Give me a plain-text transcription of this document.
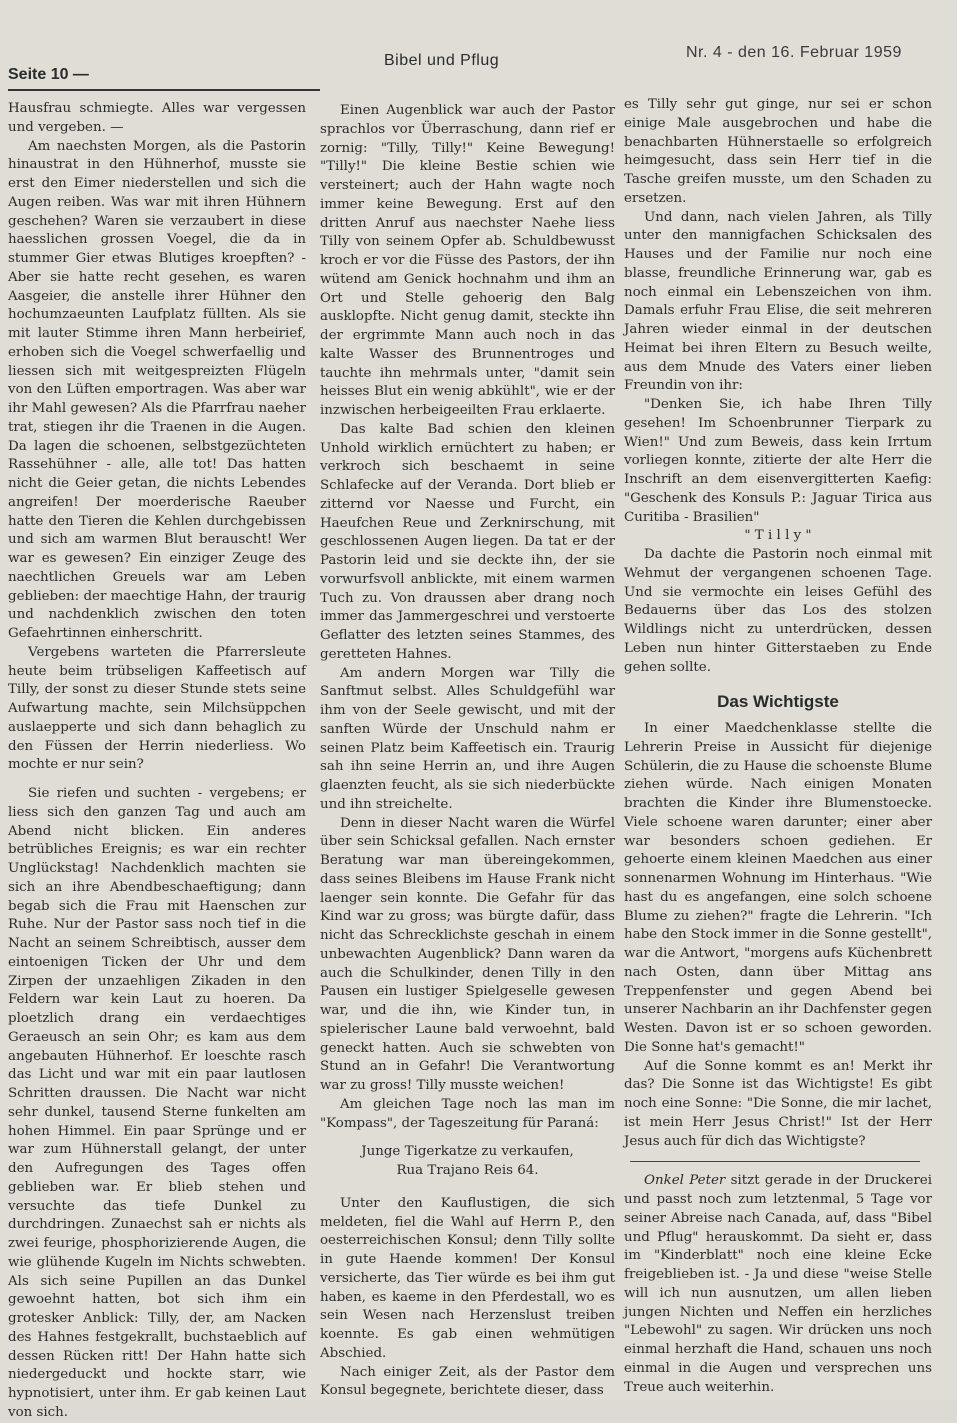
Seite 10 —
Bibel und Pflug	Nr. 4 - den 16. Februar 1959

Hausfrau schmiegte. Alles war vergessen und vergeben. —

Am naechsten Morgen, als die Pastorin hinaustrat in den Hühnerhof, musste sie erst den Eimer niederstellen und sich die Augen reiben. Was war mit ihren Hühnern geschehen? Waren sie verzaubert in diese haesslichen grossen Voegel, die da in stummer Gier etwas Blutiges kroepften? - Aber sie hatte recht gesehen, es waren Aasgeier, die anstelle ihrer Hühner den hochumzaeunten Laufplatz füllten. Als sie mit lauter Stimme ihren Mann herbeirief, erhoben sich die Voegel schwerfaellig und liessen sich mit weitgespreizten Flügeln von den Lüften emportragen. Was aber war ihr Mahl gewesen? Als die Pfarrfrau naeher trat, stiegen ihr die Traenen in die Augen. Da lagen die schoenen, selbstgezüchteten Rassehühner - alle, alle tot! Das hatten nicht die Geier getan, die nichts Lebendes angreifen! Der moerderische Raeuber hatte den Tieren die Kehlen durchgebissen und sich am warmen Blut berauscht! Wer war es gewesen? Ein einziger Zeuge des naechtlichen Greuels war am Leben geblieben: der maechtige Hahn, der traurig und nachdenklich zwischen den toten Gefaehrtinnen einherschritt.

Vergebens warteten die Pfarrersleute heute beim trübseligen Kaffeetisch auf Tilly, der sonst zu dieser Stunde stets seine Aufwartung machte, sein Milchsüppchen auslaepperte und sich dann behaglich zu den Füssen der Herrin niederliess. Wo mochte er nur sein?

Sie riefen und suchten - vergebens; er liess sich den ganzen Tag und auch am Abend nicht blicken. Ein anderes betrübliches Ereignis; es war ein rechter Unglückstag! Nachdenklich machten sie sich an ihre Abendbeschaeftigung; dann begab sich die Frau mit Haenschen zur Ruhe. Nur der Pastor sass noch tief in die Nacht an seinem Schreibtisch, ausser dem eintoenigen Ticken der Uhr und dem Zirpen der unzaehligen Zikaden in den Feldern war kein Laut zu hoeren. Da ploetzlich drang ein verdaechtiges Geraeusch an sein Ohr; es kam aus dem angebauten Hühnerhof. Er loeschte rasch das Licht und war mit ein paar lautlosen Schritten draussen. Die Nacht war nicht sehr dunkel, tausend Sterne funkelten am hohen Himmel. Ein paar Sprünge und er war zum Hühnerstall gelangt, der unter den Aufregungen des Tages offen geblieben war. Er blieb stehen und versuchte das tiefe Dunkel zu durchdringen. Zunaechst sah er nichts als zwei feurige, phosphorizierende Augen, die wie glühende Kugeln im Nichts schwebten. Als sich seine Pupillen an das Dunkel gewoehnt hatten, bot sich ihm ein grotesker Anblick: Tilly, der, am Nacken des Hahnes festgekrallt, buchstaeblich auf dessen Rücken ritt! Der Hahn hatte sich niedergeduckt und hockte starr, wie hypnotisiert, unter ihm. Er gab keinen Laut von sich.

Einen Augenblick war auch der Pastor sprachlos vor Überraschung, dann rief er zornig: "Tilly, Tilly!" Keine Bewegung! "Tilly!" Die kleine Bestie schien wie versteinert; auch der Hahn wagte noch immer keine Bewegung. Erst auf den dritten Anruf aus naechster Naehe liess Tilly von seinem Opfer ab. Schuldbewusst kroch er vor die Füsse des Pastors, der ihn wütend am Genick hochnahm und ihm an Ort und Stelle gehoerig den Balg ausklopfte. Nicht genug damit, steckte ihn der ergrimmte Mann auch noch in das kalte Wasser des Brunnentroges und tauchte ihn mehrmals unter, "damit sein heisses Blut ein wenig abkühlt", wie er der inzwischen herbeigeeilten Frau erklaerte.

Das kalte Bad schien den kleinen Unhold wirklich ernüchtert zu haben; er verkroch sich beschaemt in seine Schlafecke auf der Veranda. Dort blieb er zitternd vor Naesse und Furcht, ein Haeufchen Reue und Zerknirschung, mit geschlossenen Augen liegen. Da tat er der Pastorin leid und sie deckte ihn, der sie vorwurfsvoll anblickte, mit einem warmen Tuch zu. Von draussen aber drang noch immer das Jammergeschrei und verstoerte Geflatter des letzten seines Stammes, des geretteten Hahnes.

Am andern Morgen war Tilly die Sanftmut selbst. Alles Schuldgefühl war ihm von der Seele gewischt, und mit der sanften Würde der Unschuld nahm er seinen Platz beim Kaffeetisch ein. Traurig sah ihn seine Herrin an, und ihre Augen glaenzten feucht, als sie sich niederbückte und ihn streichelte.

Denn in dieser Nacht waren die Würfel über sein Schicksal gefallen. Nach ernster Beratung war man übereingekommen, dass seines Bleibens im Hause Frank nicht laenger sein konnte. Die Gefahr für das Kind war zu gross; was bürgte dafür, dass nicht das Schrecklichste geschah in einem unbewachten Augenblick? Dann waren da auch die Schulkinder, denen Tilly in den Pausen ein lustiger Spielgeselle gewesen war, und die ihn, wie Kinder tun, in spielerischer Laune bald verwoehnt, bald geneckt hatten. Auch sie schwebten von Stund an in Gefahr! Die Verantwortung war zu gross! Tilly musste weichen!

Am gleichen Tage noch las man im "Kompass", der Tageszeitung für Paraná:

Junge Tigerkatze zu verkaufen,
Rua Trajano Reis 64.

Unter den Kauflustigen, die sich meldeten, fiel die Wahl auf Herrn P., den oesterreichischen Konsul; denn Tilly sollte in gute Haende kommen! Der Konsul versicherte, das Tier würde es bei ihm gut haben, es kaeme in den Pferdestall, wo es sein Wesen nach Herzenslust treiben koennte. Es gab einen wehmütigen Abschied.

Nach einiger Zeit, als der Pastor dem Konsul begegnete, berichtete dieser, dass

es Tilly sehr gut ginge, nur sei er schon einige Male ausgebrochen und habe die benachbarten Hühnerstaelle so erfolgreich heimgesucht, dass sein Herr tief in die Tasche greifen musste, um den Schaden zu ersetzen.

Und dann, nach vielen Jahren, als Tilly unter den mannigfachen Schicksalen des Hauses und der Familie nur noch eine blasse, freundliche Erinnerung war, gab es noch einmal ein Lebenszeichen von ihm. Damals erfuhr Frau Elise, die seit mehreren Jahren wieder einmal in der deutschen Heimat bei ihren Eltern zu Besuch weilte, aus dem Mnude des Vaters einer lieben Freundin von ihr:

"Denken Sie, ich habe Ihren Tilly gesehen! Im Schoenbrunner Tierpark zu Wien!" Und zum Beweis, dass kein Irrtum vorliegen konnte, zitierte der alte Herr die Inschrift an dem eisenvergitterten Kaefig: "Geschenk des Konsuls P.: Jaguar Tirica aus Curitiba - Brasilien"

" T i l l y "

Da dachte die Pastorin noch einmal mit Wehmut der vergangenen schoenen Tage. Und sie vermochte ein leises Gefühl des Bedauerns über das Los des stolzen Wildlings nicht zu unterdrücken, dessen Leben nun hinter Gitterstaeben zu Ende gehen sollte.

Das Wichtigste

In einer Maedchenklasse stellte die Lehrerin Preise in Aussicht für diejenige Schülerin, die zu Hause die schoenste Blume ziehen würde. Nach einigen Monaten brachten die Kinder ihre Blumenstoecke. Viele schoene waren darunter; einer aber war besonders schoen gediehen. Er gehoerte einem kleinen Maedchen aus einer sonnenarmen Wohnung im Hinterhaus. "Wie hast du es angefangen, eine solch schoene Blume zu ziehen?" fragte die Lehrerin. "Ich habe den Stock immer in die Sonne gestellt", war die Antwort, "morgens aufs Küchenbrett nach Osten, dann über Mittag ans Treppenfenster und gegen Abend bei unserer Nachbarin an ihr Dachfenster gegen Westen. Davon ist er so schoen geworden. Die Sonne hat's gemacht!"

Auf die Sonne kommt es an! Merkt ihr das? Die Sonne ist das Wichtigste! Es gibt noch eine Sonne: "Die Sonne, die mir lachet, ist mein Herr Jesus Christ!" Ist der Herr Jesus auch für dich das Wichtigste?

Onkel Peter sitzt gerade in der Druckerei und passt noch zum letztenmal, 5 Tage vor seiner Abreise nach Canada, auf, dass "Bibel und Pflug" herauskommt. Da sieht er, dass im "Kinderblatt" noch eine kleine Ecke freigeblieben ist. - Ja und diese "weise Stelle will ich nun ausnutzen, um allen lieben jungen Nichten und Neffen ein herzliches "Lebewohl" zu sagen. Wir drücken uns noch einmal herzhaft die Hand, schauen uns noch einmal in die Augen und versprechen uns Treue auch weiterhin.
